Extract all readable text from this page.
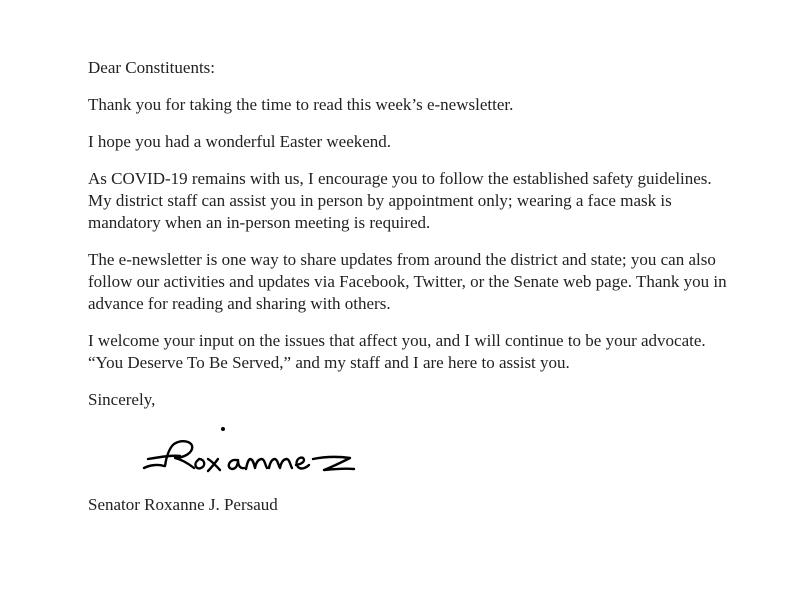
Dear Constituents:

Thank you for taking the time to read this week’s e-newsletter.

I hope you had a wonderful Easter weekend.

As COVID-19 remains with us, I encourage you to follow the established safety guidelines. My district staff can assist you in person by appointment only; wearing a face mask is mandatory when an in-person meeting is required.

The e-newsletter is one way to share updates from around the district and state; you can also follow our activities and updates via Facebook, Twitter, or the Senate web page. Thank you in advance for reading and sharing with others.

I welcome your input on the issues that affect you, and I will continue to be your advocate. “You Deserve To Be Served,” and my staff and I are here to assist you.

Sincerely,

Senator Roxanne J. Persaud
